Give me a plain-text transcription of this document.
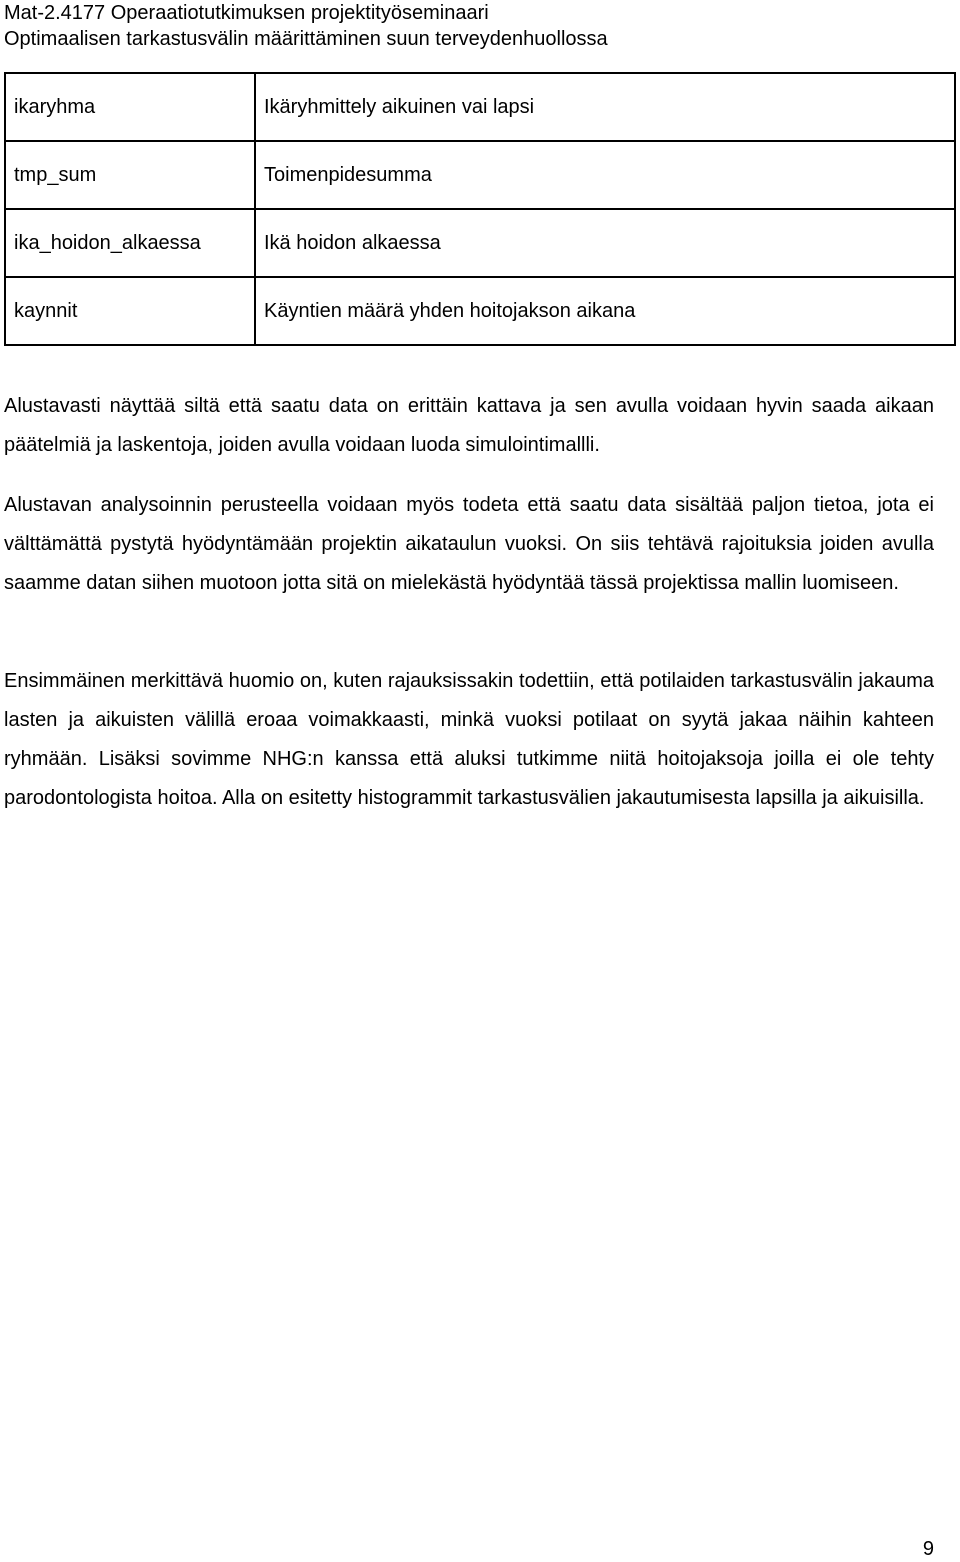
Mat-2.4177 Operaatiotutkimuksen projektityöseminaari
Optimaalisen tarkastusvälin määrittäminen suun terveydenhuollossa
ikaryhma	Ikäryhmittely aikuinen vai lapsi
tmp_sum	Toimenpidesumma
ika_hoidon_alkaessa	Ikä hoidon alkaessa
kaynnit	Käyntien määrä yhden hoitojakson aikana

Alustavasti näyttää siltä että saatu data on erittäin kattava ja sen avulla voidaan hyvin saada aikaan päätelmiä ja laskentoja, joiden avulla voidaan luoda simulointimallli.

Alustavan analysoinnin perusteella voidaan myös todeta että saatu data sisältää paljon tietoa, jota ei välttämättä pystytä hyödyntämään projektin aikataulun vuoksi. On siis tehtävä rajoituksia joiden avulla saamme datan siihen muotoon jotta sitä on mielekästä hyödyntää tässä projektissa mallin luomiseen.

Ensimmäinen merkittävä huomio on, kuten rajauksissakin todettiin, että potilaiden tarkastusvälin jakauma lasten ja aikuisten välillä eroaa voimakkaasti, minkä vuoksi potilaat on syytä jakaa näihin kahteen ryhmään. Lisäksi sovimme NHG:n kanssa että aluksi tutkimme niitä hoitojaksoja joilla ei ole tehty parodontologista hoitoa. Alla on esitetty histogrammit tarkastusvälien jakautumisesta lapsilla ja aikuisilla.

9
